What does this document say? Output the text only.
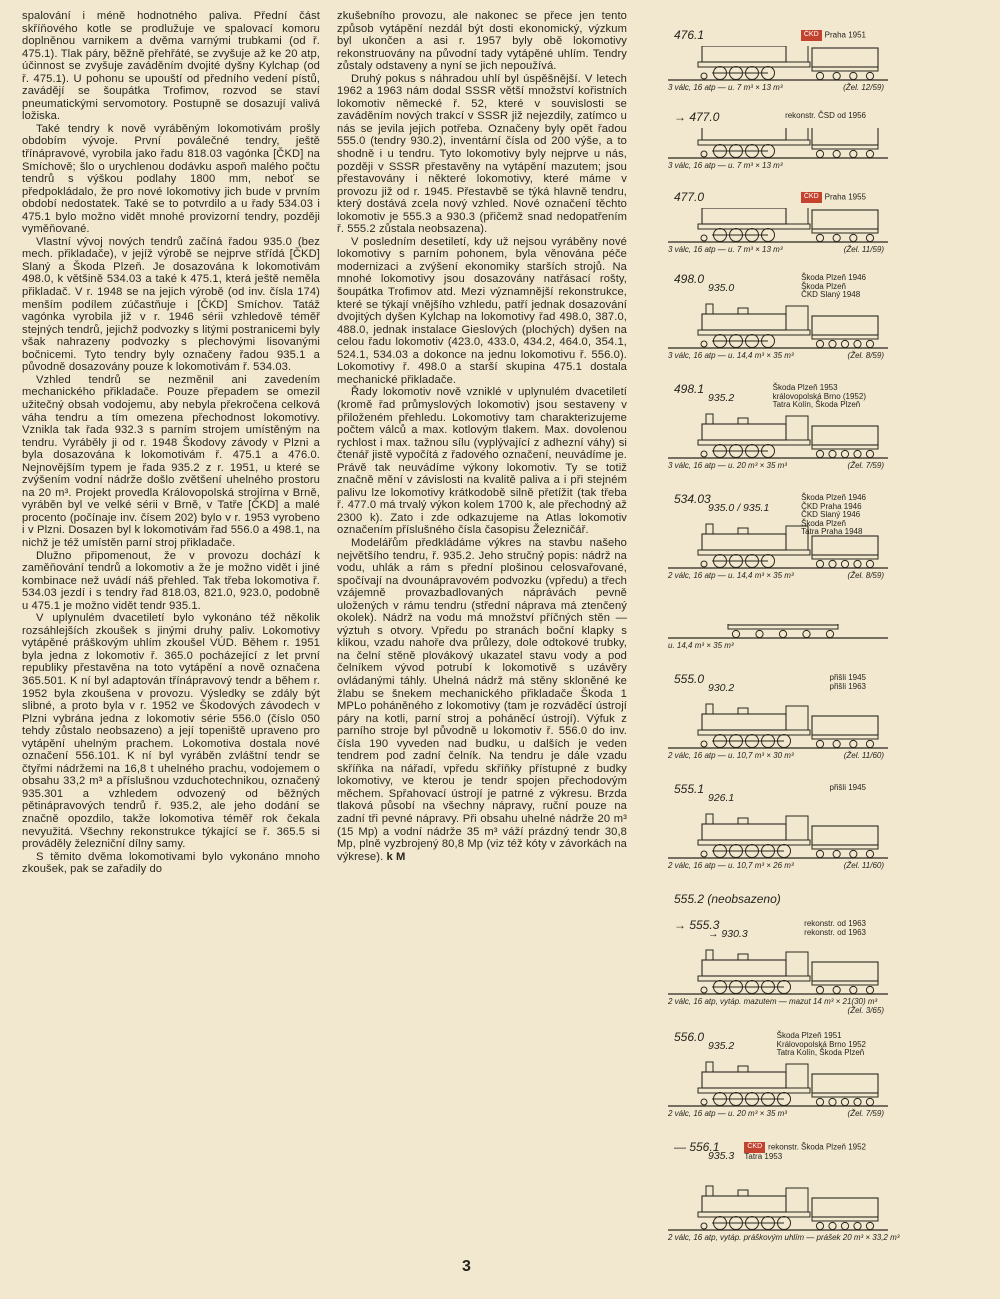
spalování i méně hodnotného paliva. Přední část skříňového kotle se prodlužuje ve spalovací komoru doplněnou varnikem a dvěma varnými trubkami (od ř. 475.1). Tlak páry, běžně přehřáté, se zvyšuje až ke 20 atp, účinnost se zvyšuje zaváděním dvojité dyšny Kylchap (od ř. 475.1). U pohonu se upouští od předního vedení pístů, zavádějí se šoupátka Trofimov, rozvod se staví pneumatickými servomotory. Postupně se dosazují valivá ložiska.

Také tendry k nově vyráběným lokomotivám prošly obdobím vývoje. První poválečné tendry, ještě třínápravové, vyrobila jako řadu 818.03 vagónka [ČKD] na Smíchově; šlo o urychlenou dodávku aspoň malého počtu tendrů s výškou podlahy 1800 mm, neboť se předpokládalo, že pro nové lokomotivy jich bude v prvním období nedostatek. Také se to potvrdilo a u řady 534.03 i 475.1 bylo možno vidět mnohé provizorní tendry, později vyměňované.

Vlastní vývoj nových tendrů začíná řadou 935.0 (bez mech. přikladače), v jejíž výrobě se nejprve střídá [ČKD] Slaný a Škoda Plzeň. Je dosazována k lokomotivám 498.0, k většině 534.03 a také k 475.1, která ještě neměla přikladač. V r. 1948 se na jejich výrobě (od inv. čísla 174) menším podílem zúčastňuje i [ČKD] Smíchov. Tatáž vagónka vyrobila již v r. 1946 sérii vzhledově téměř stejných tendrů, jejichž podvozky s litými postranicemi byly však nahrazeny podvozky s plechovými lisovanými bočnicemi. Tyto tendry byly označeny řadou 935.1 a původně dosazovány pouze k lokomotivám ř. 534.03.

Vzhled tendrů se nezměnil ani zavedením mechanického přikladače. Pouze přepadem se omezil užitečný obsah vodojemu, aby nebyla překročena celková váha tendru a tím omezena přechodnost lokomotivy. Vznikla tak řada 932.3 s parním strojem umístěným na tendru. Vyráběly ji od r. 1948 Škodovy závody v Plzni a byla dosazována k lokomotivám ř. 475.1 a 476.0. Nejnovějším typem je řada 935.2 z r. 1951, u které se zvýšením vodní nádrže došlo zvětšení uhelného prostoru na 20 m³. Projekt provedla Královopolská strojírna v Brně, vyráběn byl ve velké sérii v Brně, v Tatře [ČKD] a malé procento (počínaje inv. čísem 202) bylo v r. 1953 vyrobeno i v Plzni. Dosazen byl k lokomotivám řad 556.0 a 498.1, na nichž je též umístěn parní stroj přikladače.

Dlužno připomenout, že v provozu dochází k zaměňování tendrů a lokomotiv a že je možno vidět i jiné kombinace než uvádí náš přehled. Tak třeba lokomotiva ř. 534.03 jezdí i s tendry řad 818.03, 821.0, 923.0, podobně u 475.1 je možno vidět tendr 935.1.

V uplynulém dvacetiletí bylo vykonáno též několik rozsáhlejších zkoušek s jinými druhy paliv. Lokomotivy vytápěné práškovým uhlím zkoušel VÚD. Během r. 1951 byla jedna z lokomotiv ř. 365.0 pocházející z let první republiky přestavěna na toto vytápění a nově označena 365.501. K ní byl adaptován třínápravový tendr a během r. 1952 byla zkoušena v provozu. Výsledky se zdály být slibné, a proto byla v r. 1952 ve Škodových závodech v Plzni vybrána jedna z lokomotiv série 556.0 (číslo 050 tehdy zůstalo neobsazeno) a její topeniště upraveno pro vytápění uhelným prachem. Lokomotiva dostala nové označení 556.101. K ní byl vyráběn zvláštní tendr se čtyřmi nádržemi na 16,8 t uhelného prachu, vodojemem o obsahu 33,2 m³ a příslušnou vzduchotechnikou, označený 935.301 a vzhledem odvozený od běžných pětinápravových tendrů ř. 935.2, ale jeho dodání se značně opozdilo, takže lokomotiva téměř rok čekala nevyužitá. Všechny rekonstrukce týkající se ř. 365.5 si prováděly železniční dílny samy.

S těmito dvěma lokomotivami bylo vykonáno mnoho zkoušek, pak se zařadily do

zkušebního provozu, ale nakonec se přece jen tento způsob vytápění nezdál být dosti ekonomický, výzkum byl ukončen a asi r. 1957 byly obě lokomotivy rekonstruovány na původní tady vytápěné uhlím. Tendry zůstaly odstaveny a nyní se jich nepoužívá.

Druhý pokus s náhradou uhlí byl úspěšnější. V letech 1962 a 1963 nám dodal SSSR větší množství kořistních lokomotiv německé ř. 52, které v souvislosti se zaváděním nových trakcí v SSSR již nejezdily, zatímco u nás se jevila jejich potřeba. Označeny byly opět řadou 555.0 (tendry 930.2), inventární čísla od 200 výše, a to shodně i u tendru. Tyto lokomotivy byly nejprve u nás, později v SSSR přestavěny na vytápění mazutem; jsou přestavovány i některé lokomotivy, které máme v provozu již od r. 1945. Přestavbě se týká hlavně tendru, který dostává zcela nový vzhled. Nové označení těchto lokomotiv je 555.3 a 930.3 (přičemž snad nedopatřením ř. 555.2 zůstala neobsazena).

V posledním desetiletí, kdy už nejsou vyráběny nové lokomotivy s parním pohonem, byla věnována péče modernizaci a zvýšení ekonomiky starších strojů. Na mnohé lokomotivy jsou dosazovány natřásací rošty, šoupátka Trofimov atd. Mezi významnější rekonstrukce, které se týkají vnějšího vzhledu, patří jednak dosazování dvojitých dyšen Kylchap na lokomotivy řad 498.0, 387.0, 488.0, jednak instalace Gieslových (plochých) dyšen na celou řadu lokomotiv (423.0, 433.0, 434.2, 464.0, 354.1, 524.1, 534.03 a dokonce na jednu lokomotivu ř. 556.0). Lokomotivy ř. 498.0 a starší skupina 475.1 dostala mechanické přikladače.

Řady lokomotiv nově vzniklé v uplynulém dvacetiletí (kromě řad průmyslových lokomotiv) jsou sestaveny v přiloženém přehledu. Lokomotivy tam charakterizujeme počtem válců a max. kotlovým tlakem. Max. dovolenou rychlost i max. tažnou sílu (vyplývající z adhezní váhy) si čtenář jistě vypočítá z řadového označení, neuvádíme je. Právě tak neuvádíme výkony lokomotiv. Ty se totiž značně mění v závislosti na kvalitě paliva a i při stejném palivu lze lokomotivy krátkodobě silně přetížit (tak třeba ř. 477.0 má trvalý výkon kolem 1700 k, ale přechodný až 2300 k). Zato i zde odkazujeme na Atlas lokomotiv označením příslušného čísla časopisu Železničář.

Modelářům předkládáme výkres na stavbu našeho největšího tendru, ř. 935.2. Jeho stručný popis: nádrž na vodu, uhlák a rám s přední plošinou celosvařované, spočívají na dvounápravovém podvozku (vpředu) a třech vzájemně provazbadlovaných náprávách pevně uložených v rámu tendru (střední náprava má ztenčený okolek). Nádrž na vodu má množství příčných stěn — výztuh s otvory. Vpředu po stranách boční klapky s klikou, vzadu nahoře dva průlezy, dole odtokové trubky, na čelní stěně plovákový ukazatel stavu vody a pod čelníkem vývod potrubí k lokomotivě s uzávěry ovládanými táhly. Uhelná nádrž má stěny skloněné ke žlabu se šnekem mechanického přikladače Škoda 1 MPLo poháněného z lokomotivy (tam je rozváděcí ústrojí páry na kotli, parní stroj a poháněcí ústrojí). Výfuk z parního stroje byl původně u lokomotiv ř. 556.0 do inv. čísla 190 vyveden nad budku, u dalších je veden tendrem pod zadní čelník. Na tendru je dále vzadu skříňka na nářadí, vpředu skříňky přístupné z budky lokomotivy, ve kterou je tendr spojen přechodovým měchem. Spřahovací ústrojí je patrné z výkresu. Brzda tlaková působí na všechny nápravy, ruční pouze na zadní tři pevné nápravy. Při obsahu uhelné nádrže 20 m³ (15 Mp) a vodní nádrže 35 m³ váží prázdný tendr 30,8 Mp, plně vyzbrojený 80,8 Mp (viz též kóty v závorkách na výkrese). k M

476.1	ČKD Praha 1951
3 válc, 16 atp — u. 7 m³ × 13 m³	(Žel. 12/59)
→ 477.0	rekonstr. ČSD od 1956
3 válc, 16 atp — u. 7 m³ × 13 m³
477.0	ČKD Praha 1955
3 válc, 16 atp — u. 7 m³ × 13 m³	(Žel. 11/59)
498.0
935.0
Škoda Plzeň 1946
Škoda Plzeň
ČKD Slaný 1948
3 válc, 16 atp — u. 14,4 m³ × 35 m³	(Žel. 8/59)
498.1
935.2
Škoda Plzeň 1953
královopolská Brno (1952)
Tatra Kolín, Škoda Plzeň
3 válc, 16 atp — u. 20 m³ × 35 m³	(Žel. 7/59)
534.03
935.0 / 935.1
Škoda Plzeň 1946
ČKD Praha 1946
ČKD Slaný 1946
Škoda Plzeň
Tatra Praha 1948
2 válc, 16 atp — u. 14,4 m³ × 35 m³	(Žel. 8/59)
u. 14,4 m³ × 35 m³
555.0
930.2
přišli 1945
přišli 1963
2 válc, 16 atp — u. 10,7 m³ × 30 m³	(Žel. 11/60)
555.1
926.1
přišli 1945
2 válc, 16 atp — u. 10,7 m³ × 26 m³	(Žel. 11/60)
555.2 (neobsazeno)
→ 555.3
→ 930.3
rekonstr. od 1963
rekonstr. od 1963
2 válc, 16 atp, vytáp. mazutem — mazut 14 m³ × 21(30) m³
(Žel. 3/65)
556.0
935.2
Škoda Plzeň 1951
Královopolská Brno 1952
Tatra Kolín, Škoda Plzeň
2 válc, 16 atp — u. 20 m³ × 35 m³	(Žel. 7/59)
— 556.1
935.3
ČKD rekonstr. Škoda Plzeň 1952
Tatra 1953
2 válc, 16 atp, vytáp. práškovým uhlím — prášek 20 m³ × 33,2 m³
3
